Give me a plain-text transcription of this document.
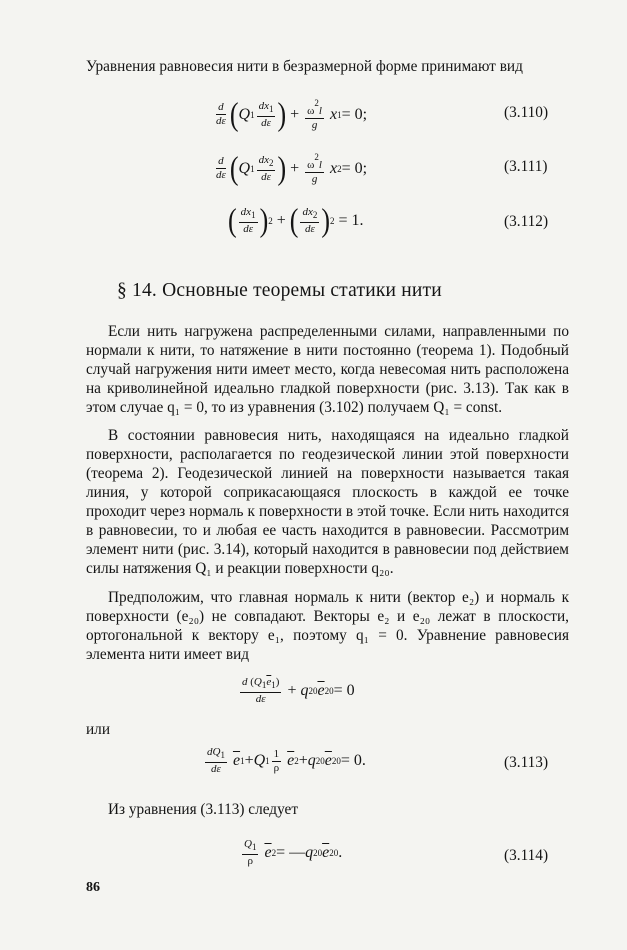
Уравнения равновесия нити в безразмерной форме принимают вид

$\frac{d}{d\varepsilon}$ ( Q $1 \frac{dx_1}{d\varepsilon}$ ) + $\frac{\omega^2l}{g}$
x 1 = 0;	(3.110)
$\frac{d}{d\varepsilon}$ ( Q $1 \frac{dx_2}{d\varepsilon}$ ) + $\frac{\omega^2l}{g}$
x 2 = 0;	(3.111)
( $\frac{dx_1}{d\varepsilon}$ ) 2 + ( $\frac{dx_2}{d\varepsilon}$ ) 2 = 1.	(3.112)
§ 14. Основные теоремы статики нити

Если нить нагружена распределенными силами, направленными по нормали к нити, то натяжение в нити постоянно (теорема 1). Подобный случай нагружения нити имеет место, когда невесомая нить расположена на криволинейной идеально гладкой поверхности (рис. 3.13). Так как в этом случае q₁ = 0, то из уравнения (3.102) получаем Q₁ = const.

В состоянии равновесия нить, находящаяся на идеально гладкой поверхности, располагается по геодезической линии этой поверхности (теорема 2). Геодезической линией на поверхности называется такая линия, у которой соприкасающаяся плоскость в каждой ее точке проходит через нормаль к поверхности в этой точке. Если нить находится в равновесии, то и любая ее часть находится в равновесии. Рассмотрим элемент нити (рис. 3.14), который находится в равновесии под действием силы натяжения Q₁ и реакции поверхности q₂₀.

Предположим, что главная нормаль к нити (вектор e₂) и нормаль к поверхности (e₂₀) не совпадают. Векторы e₂ и e₂₀ лежат в плоскости, ортогональной к вектору e₁, поэтому q₁ = 0. Уравнение равновесия элемента нити имеет вид

$\frac{d (Q_1\overline{e}_1)}{d\varepsilon} + q$ 20 $\overline{e}$ 20 = 0
или
$\frac{dQ_1}{d\varepsilon}$
$\overline{e}$ 1 + Q $1 \frac{1}{\rho}$
$\overline{e}$ 2 + q 20 $\overline{e}$ 20 = 0.	(3.113)

Из уравнения (3.113) следует

$\frac{Q_1}{\rho}$
$\overline{e}$ 2 = — q 20 $\overline{e}$ 20 .	(3.114)
86
